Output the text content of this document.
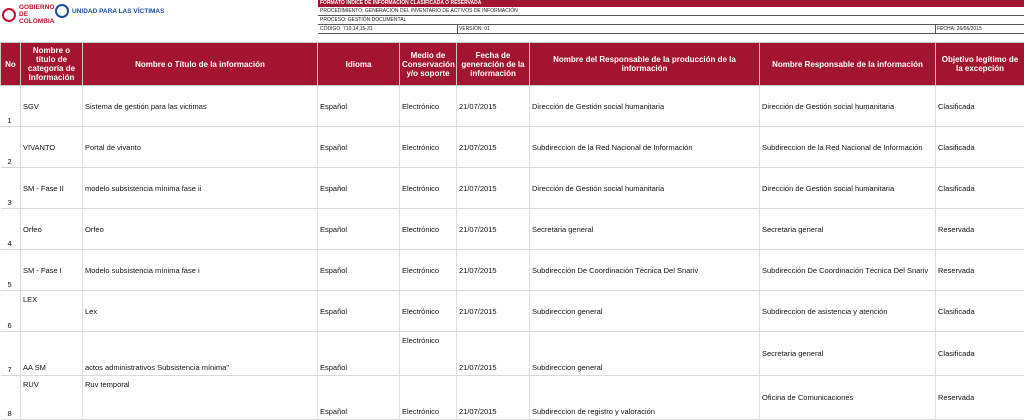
GOBIERNO DE COLOMBIA
UNIDAD PARA LAS VÍCTIMAS
FORMATO ÍNDICE DE INFORMACIÓN CLASIFICADA O RESERVADA
PROCEDIMIENTO: GENERACIÓN DEL INVENTARIO DE ACTIVOS DE INFORMACIÓN
PROCESO: GESTIÓN DOCUMENTAL
CÓDIGO: 710,14,15-31	VERSIÓN: 01	FECHA: 26/06/2015
No	Nombre o título de categoría de Información	Nombre o Título de la información	Idioma	Medio de Conservación y/o soporte	Fecha de generación de la información	Nombre del Responsable de la producción de la información	Nombre Responsable de la información	Objetivo legítimo de la excepción
1	SGV	Sistema de gestión para las victimas	Español	Electrónico	21/07/2015	Dirección de Gestión social humanitaria	Dirección de Gestión social humanitaria	Clasificada
2	VIVANTO	Portal de vivanto	Español	Electrónico	21/07/2015	Subdireccion de la Red Nacional de Información	Subdireccion de la Red Nacional de Información	Clasificada
3	SM - Fase II	modelo subsistencia mínima fase ii	Español	Electrónico	21/07/2015	Dirección de Gestión social humanitaria	Dirección de Gestión social humanitaria	Clasificada
4	Orfeo	Orfeo	Español	Electrónico	21/07/2015	Secretaria general	Secretaria general	Reservada
5	SM - Fase I	Modelo subsistencia mínima fase i	Español	Electrónico	21/07/2015	Subdirección De Coordinación Técnica Del Snariv	Subdirección De Coordinación Técnica Del Snariv	Reservada
6	LEX	Lex	Español	Electrónico	21/07/2015	Subdireccion general	Subdireccion de asistencia y atención	Clasificada
7	AA SM	actos administrativos Subsistencia mínima"	Español	Electrónico	21/07/2015	Subdireccion general	Secretaria general	Clasificada
8	RUV	Ruv temporal	Español	Electrónico	21/07/2015	Subdireccion de registro y valoración	Oficina de Comunicaciones	Reservada
